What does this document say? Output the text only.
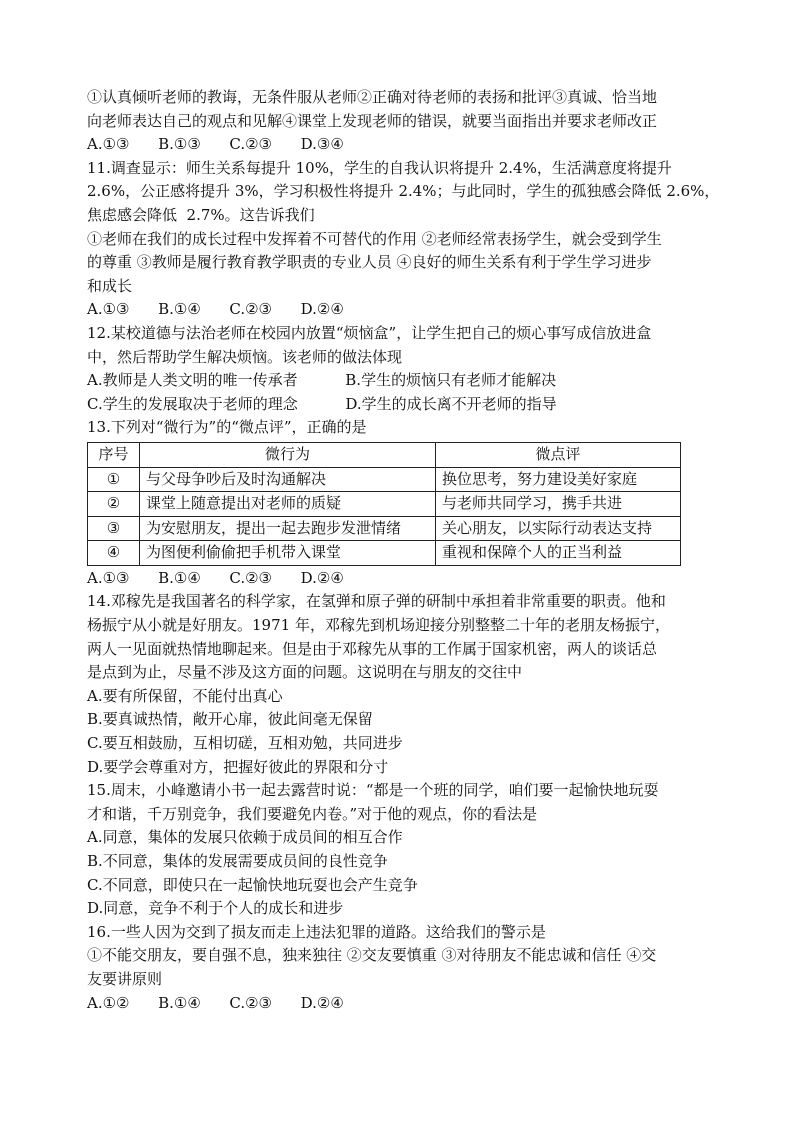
①认真倾听老师的教诲，无条件服从老师②正确对待老师的表扬和批评③真诚、恰当地
向老师表达自己的观点和见解④课堂上发现老师的错误，就要当面指出并要求老师改正
A.①③      B.①③      C.②③      D.③④
11.调查显示：师生关系每提升 10%，学生的自我认识将提升 2.4%，生活满意度将提升
2.6%，公正感将提升 3%，学习积极性将提升 2.4%；与此同时，学生的孤独感会降低 2.6%，
焦虑感会降低  2.7%。这告诉我们
①老师在我们的成长过程中发挥着不可替代的作用 ②老师经常表扬学生，就会受到学生
的尊重 ③教师是履行教育教学职责的专业人员 ④良好的师生关系有利于学生学习进步
和成长
A.①③      B.①④      C.②③      D.②④
12.某校道德与法治老师在校园内放置“烦恼盒”，让学生把自己的烦心事写成信放进盒
中，然后帮助学生解决烦恼。该老师的做法体现
A.教师是人类文明的唯一传承者          B.学生的烦恼只有老师才能解决
C.学生的发展取决于老师的理念          D.学生的成长离不开老师的指导
13.下列对“微行为”的“微点评”，正确的是
序号	微行为	微点评
①	与父母争吵后及时沟通解决	换位思考，努力建设美好家庭
②	课堂上随意提出对老师的质疑	与老师共同学习，携手共进
③	为安慰朋友，提出一起去跑步发泄情绪	关心朋友，以实际行动表达支持
④	为图便利偷偷把手机带入课堂	重视和保障个人的正当利益
A.①③      B.①④      C.②③      D.②④
14.邓稼先是我国著名的科学家，在氢弹和原子弹的研制中承担着非常重要的职责。他和
杨振宁从小就是好朋友。1971 年，邓稼先到机场迎接分别整整二十年的老朋友杨振宁，
两人一见面就热情地聊起来。但是由于邓稼先从事的工作属于国家机密，两人的谈话总
是点到为止，尽量不涉及这方面的问题。这说明在与朋友的交往中
A.要有所保留，不能付出真心
B.要真诚热情，敞开心扉，彼此间毫无保留
C.要互相鼓励，互相切磋，互相劝勉，共同进步
D.要学会尊重对方，把握好彼此的界限和分寸
15.周末，小峰邀请小书一起去露营时说：“都是一个班的同学，咱们要一起愉快地玩耍
才和谐，千万别竞争，我们要避免内卷。”对于他的观点，你的看法是
A.同意，集体的发展只依赖于成员间的相互合作
B.不同意，集体的发展需要成员间的良性竞争
C.不同意，即使只在一起愉快地玩耍也会产生竞争
D.同意，竞争不利于个人的成长和进步
16.一些人因为交到了损友而走上违法犯罪的道路。这给我们的警示是
①不能交朋友，要自强不息，独来独往 ②交友要慎重 ③对待朋友不能忠诚和信任 ④交
友要讲原则
A.①②      B.①④      C.②③      D.②④
